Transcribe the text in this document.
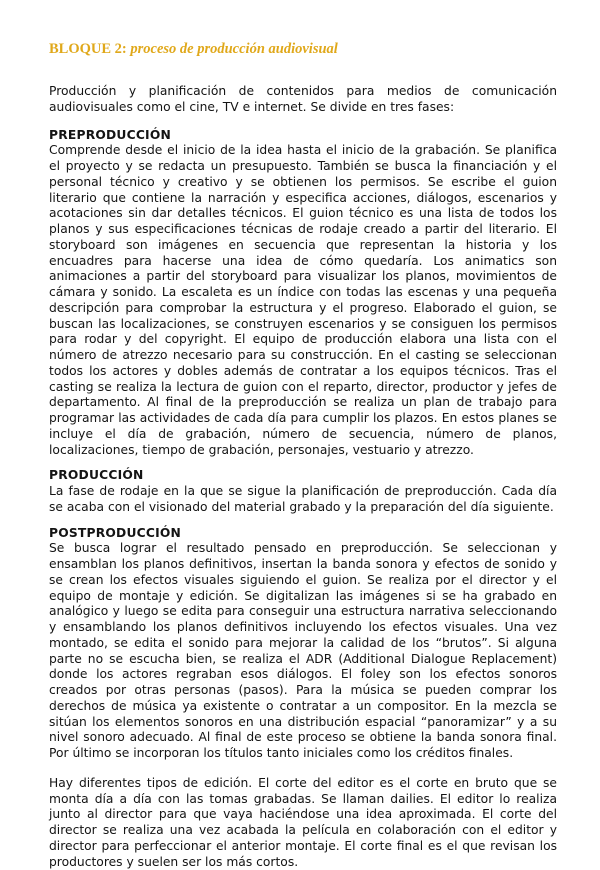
BLOQUE 2: proceso de producción audiovisual

Producción y planificación de contenidos para medios de comunicación audiovisuales como el cine, TV e internet. Se divide en tres fases:

PREPRODUCCIÓN

Comprende desde el inicio de la idea hasta el inicio de la grabación. Se planifica el proyecto y se redacta un presupuesto. También se busca la financiación y el personal técnico y creativo y se obtienen los permisos. Se escribe el guion literario que contiene la narración y especifica acciones, diálogos, escenarios y acotaciones sin dar detalles técnicos. El guion técnico es una lista de todos los planos y sus especificaciones técnicas de rodaje creado a partir del literario. El storyboard son imágenes en secuencia que representan la historia y los encuadres para hacerse una idea de cómo quedaría. Los animatics son animaciones a partir del storyboard para visualizar los planos, movimientos de cámara y sonido. La escaleta es un índice con todas las escenas y una pequeña descripción para comprobar la estructura y el progreso. Elaborado el guion, se buscan las localizaciones, se construyen escenarios y se consiguen los permisos para rodar y del copyright. El equipo de producción elabora una lista con el número de atrezzo necesario para su construcción. En el casting se seleccionan todos los actores y dobles además de contratar a los equipos técnicos. Tras el casting se realiza la lectura de guion con el reparto, director, productor y jefes de departamento. Al final de la preproducción se realiza un plan de trabajo para programar las actividades de cada día para cumplir los plazos. En estos planes se incluye el día de grabación, número de secuencia, número de planos, localizaciones, tiempo de grabación, personajes, vestuario y atrezzo.

PRODUCCIÓN

La fase de rodaje en la que se sigue la planificación de preproducción. Cada día se acaba con el visionado del material grabado y la preparación del día siguiente.

POSTPRODUCCIÓN

Se busca lograr el resultado pensado en preproducción. Se seleccionan y ensamblan los planos definitivos, insertan la banda sonora y efectos de sonido y se crean los efectos visuales siguiendo el guion. Se realiza por el director y el equipo de montaje y edición. Se digitalizan las imágenes si se ha grabado en analógico y luego se edita para conseguir una estructura narrativa seleccionando y ensamblando los planos definitivos incluyendo los efectos visuales. Una vez montado, se edita el sonido para mejorar la calidad de los “brutos”. Si alguna parte no se escucha bien, se realiza el ADR (Additional Dialogue Replacement) donde los actores regraban esos diálogos. El foley son los efectos sonoros creados por otras personas (pasos). Para la música se pueden comprar los derechos de música ya existente o contratar a un compositor. En la mezcla se sitúan los elementos sonoros en una distribución espacial “panoramizar” y a su nivel sonoro adecuado. Al final de este proceso se obtiene la banda sonora final. Por último se incorporan los títulos tanto iniciales como los créditos finales.

Hay diferentes tipos de edición. El corte del editor es el corte en bruto que se monta día a día con las tomas grabadas. Se llaman dailies. El editor lo realiza junto al director para que vaya haciéndose una idea aproximada. El corte del director se realiza una vez acabada la película en colaboración con el editor y director para perfeccionar el anterior montaje. El corte final es el que revisan los productores y suelen ser los más cortos.
